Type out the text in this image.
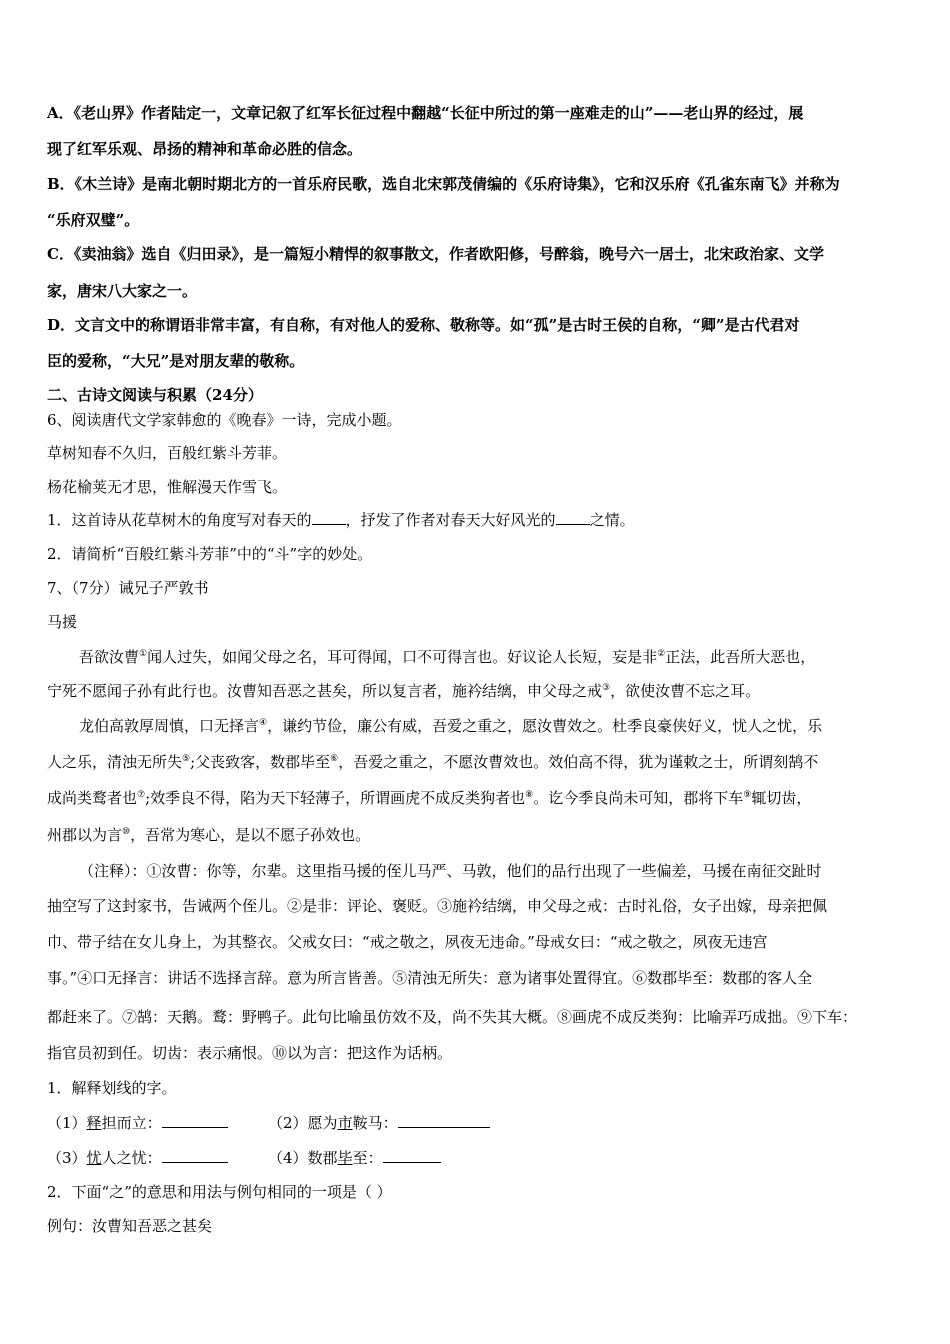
A．《老山界》作者陆定一，文章记叙了红军长征过程中翻越“长征中所过的第一座难走的山”——老山界的经过，展

现了红军乐观、昂扬的精神和革命必胜的信念。

B．《木兰诗》是南北朝时期北方的一首乐府民歌，选自北宋郭茂倩编的《乐府诗集》，它和汉乐府《孔雀东南飞》并称为

“乐府双璧”。

C．《卖油翁》选自《归田录》，是一篇短小精悍的叙事散文，作者欧阳修，号醉翁，晚号六一居士，北宋政治家、文学

家，唐宋八大家之一。

D．文言文中的称谓语非常丰富，有自称，有对他人的爱称、敬称等。如“孤”是古时王侯的自称，“卿”是古代君对

臣的爱称，“大兄”是对朋友辈的敬称。

二、古诗文阅读与积累（24分）

6、阅读唐代文学家韩愈的《晚春》一诗，完成小题。

草树知春不久归，百般红紫斗芳菲。

杨花榆荚无才思，惟解漫天作雪飞。

1．这首诗从花草树木的角度写对春天的 ，抒发了作者对春天大好风光的 之情。

2．请简析“百般红紫斗芳菲”中的“斗”字的妙处。

7、（7分）诫兄子严敦书

马援

吾欲汝曹①闻人过失，如闻父母之名，耳可得闻，口不可得言也。好议论人长短，妄是非②正法，此吾所大恶也，

宁死不愿闻子孙有此行也。汝曹知吾恶之甚矣，所以复言者，施衿结缡，申父母之戒③，欲使汝曹不忘之耳。

龙伯高敦厚周慎，口无择言④，谦约节俭，廉公有威，吾爱之重之，愿汝曹效之。杜季良豪侠好义，忧人之忧，乐

人之乐，清浊无所失⑤;父丧致客，数郡毕至⑥，吾爱之重之，不愿汝曹效也。效伯高不得，犹为谨敕之士，所谓刻鹄不

成尚类鹜者也⑦;效季良不得，陷为天下轻薄子，所谓画虎不成反类狗者也⑧。讫今季良尚未可知，郡将下车⑨辄切齿，

州郡以为言⑩，吾常为寒心，是以不愿子孙效也。

（注释）：①汝曹：你等，尔辈。这里指马援的侄儿马严、马敦，他们的品行出现了一些偏差，马援在南征交趾时

抽空写了这封家书，告诫两个侄儿。②是非：评论、褒贬。③施衿结缡，申父母之戒：古时礼俗，女子出嫁，母亲把佩

巾、带子结在女儿身上，为其整衣。父戒女曰：“戒之敬之，夙夜无违命。”母戒女曰：“戒之敬之，夙夜无违宫

事。”④口无择言：讲话不选择言辞。意为所言皆善。⑤清浊无所失：意为诸事处置得宜。⑥数郡毕至：数郡的客人全

都赶来了。⑦鹄：天鹅。鹜：野鸭子。此句比喻虽仿效不及，尚不失其大概。⑧画虎不成反类狗：比喻弄巧成拙。⑨下车：

指官员初到任。切齿：表示痛恨。⑩以为言：把这作为话柄。

1．解释划线的字。

（1）释担而立：	（2）愿为市鞍马：

（3）忧人之忧：	（4）数郡毕至：

2．下面“之”的意思和用法与例句相同的一项是（ ）

例句：汝曹知吾恶之甚矣
